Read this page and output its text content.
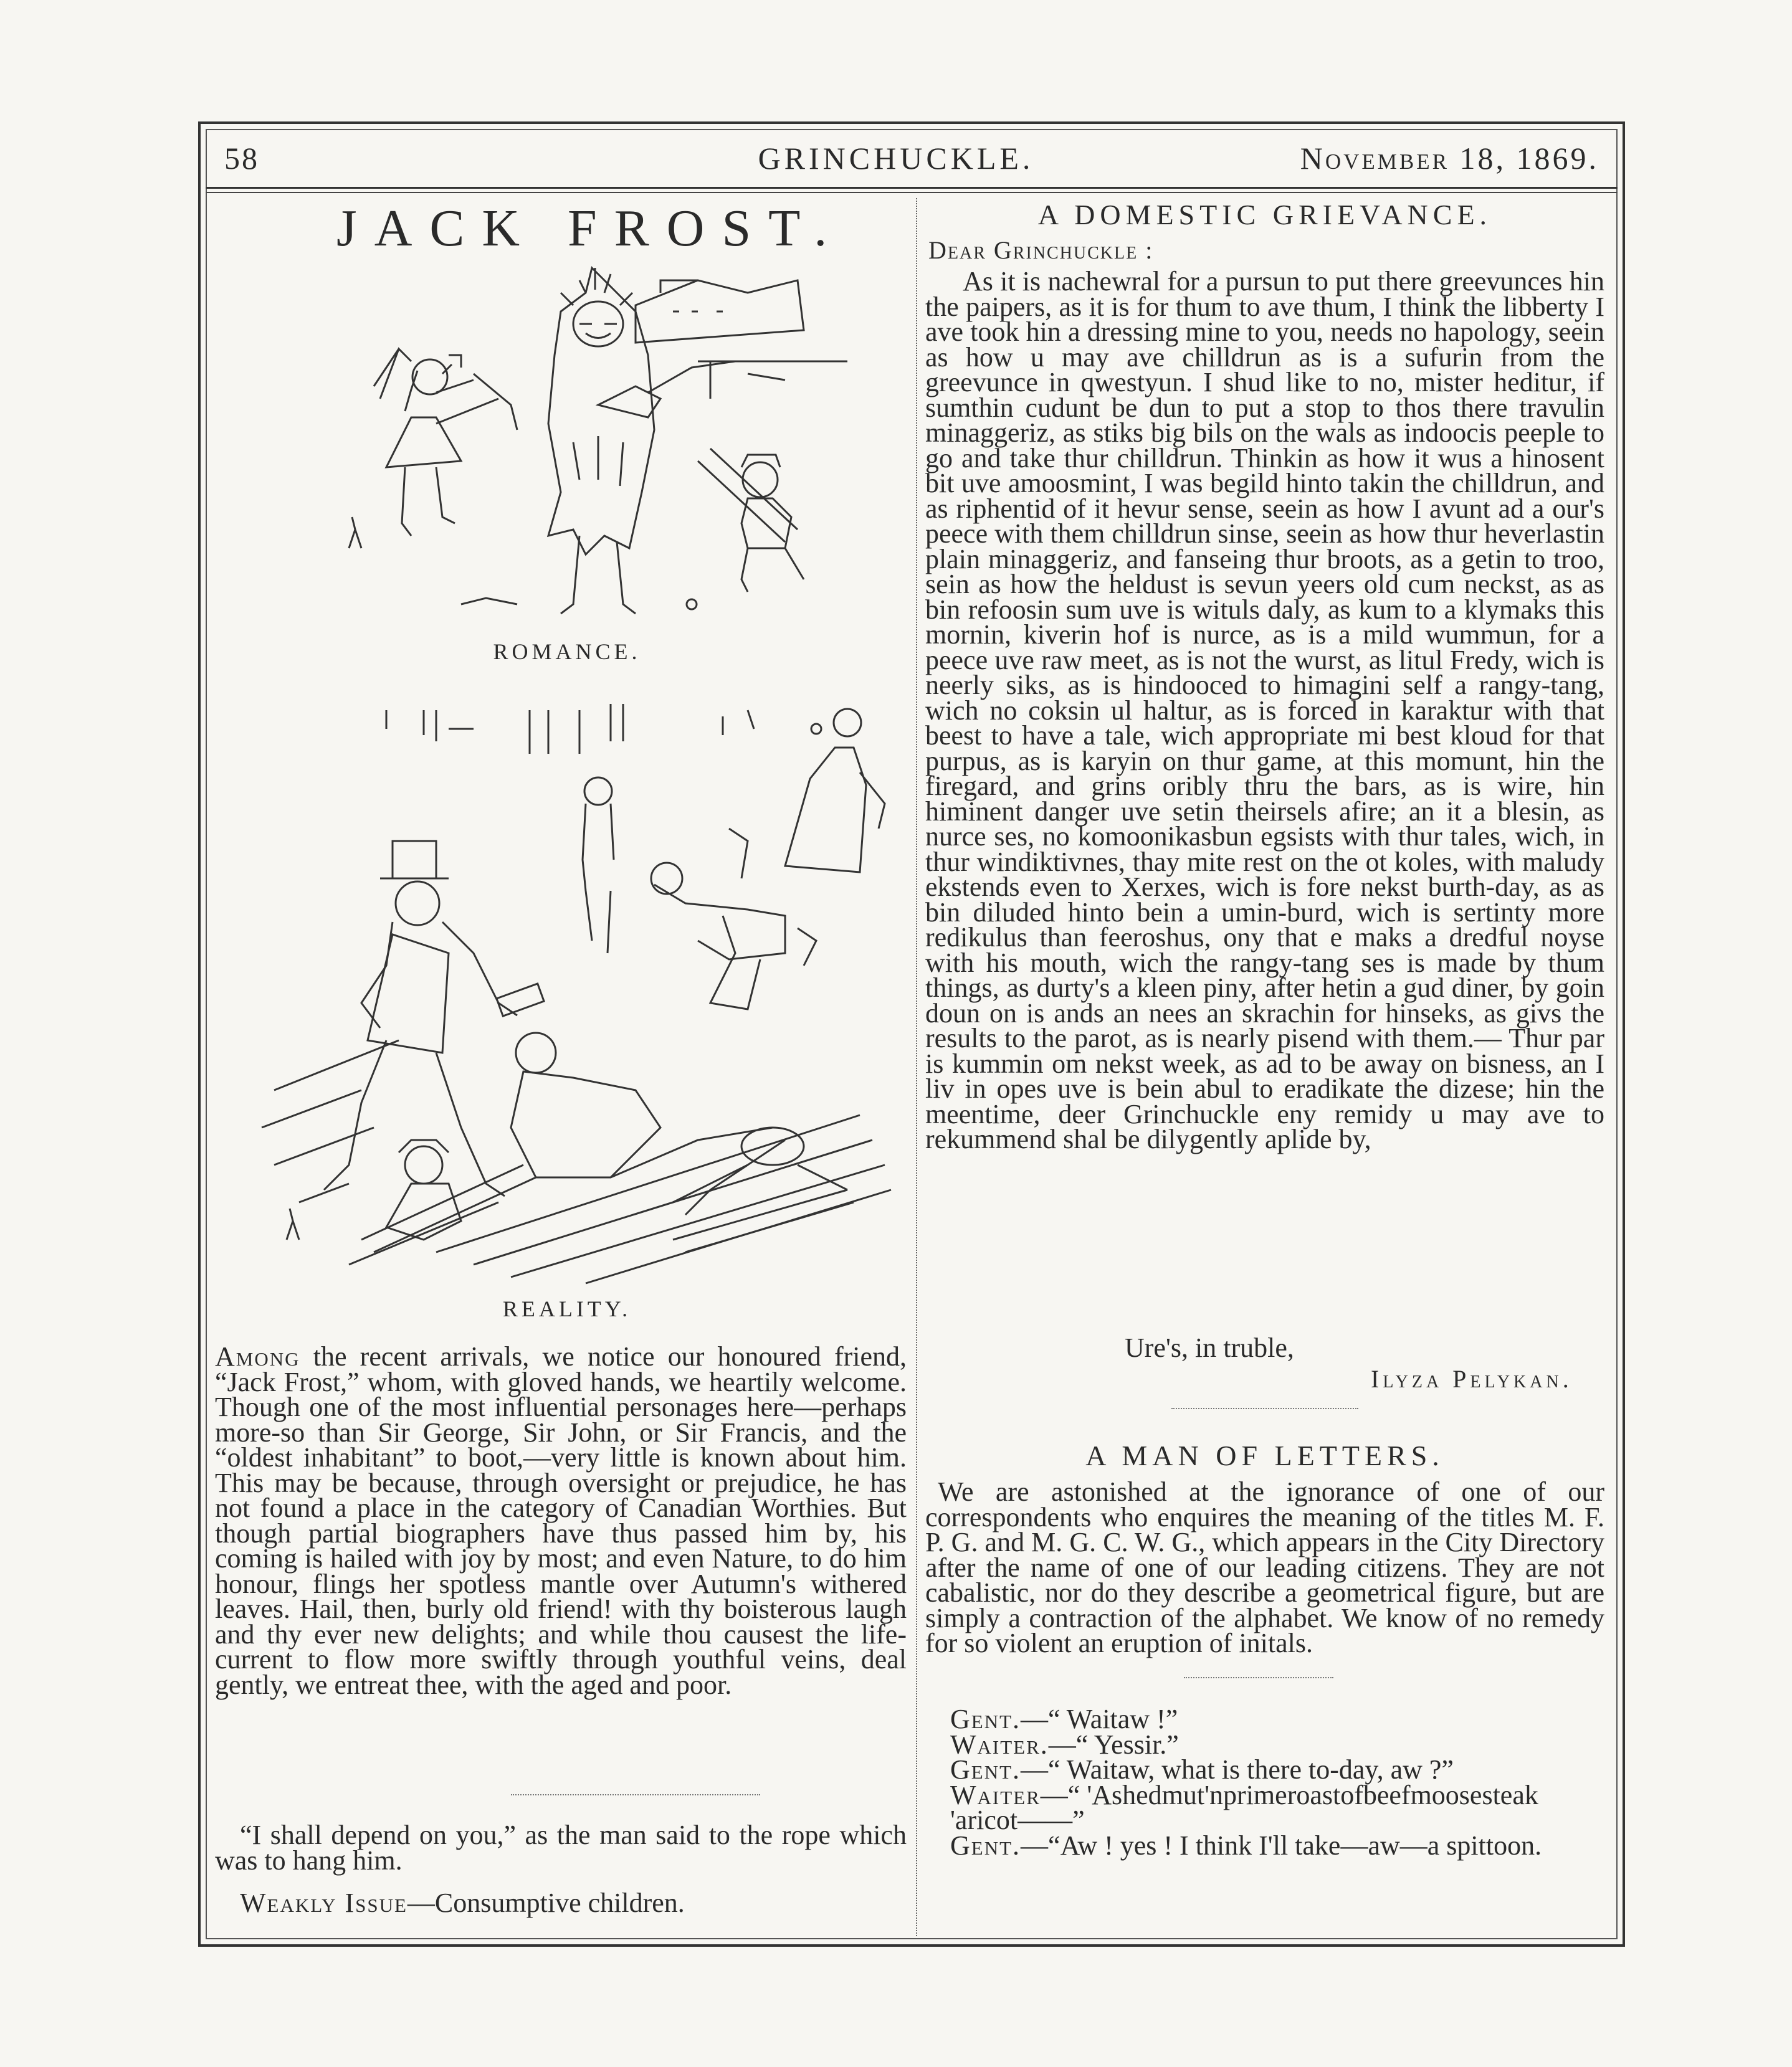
58	GRINCHUCKLE.	November 18, 1869.
JACK FROST.
ROMANCE.
REALITY.
Among the recent arrivals, we notice our honoured friend, “Jack Frost,” whom, with gloved hands, we heartily welcome. Though one of the most influential personages here—perhaps more-so than Sir George, Sir John, or Sir Francis, and the “oldest inhabitant” to boot,—very little is known about him. This may be because, through oversight or prejudice, he has not found a place in the category of Canadian Worthies. But though partial biographers have thus passed him by, his coming is hailed with joy by most; and even Nature, to do him honour, flings her spotless mantle over Autumn's withered leaves. Hail, then, burly old friend! with thy boisterous laugh and thy ever new delights; and while thou causest the life-current to flow more swiftly through youthful veins, deal gently, we entreat thee, with the aged and poor.
“I shall depend on you,” as the man said to the rope which was to hang him.
Weakly Issue—Consumptive children.
A DOMESTIC GRIEVANCE.
Dear Grinchuckle :
As it is nachewral for a pursun to put there greevunces hin the paipers, as it is for thum to ave thum, I think the libberty I ave took hin a dressing mine to you, needs no hapology, seein as how u may ave chilldrun as is a sufurin from the greevunce in qwestyun. I shud like to no, mister heditur, if sumthin cudunt be dun to put a stop to thos there travulin minaggeriz, as stiks big bils on the wals as indoocis peeple to go and take thur chilldrun. Thinkin as how it wus a hinosent bit uve amoosmint, I was begild hinto takin the chilldrun, and as riphentid of it hevur sense, seein as how I avunt ad a our's peece with them chilldrun sinse, seein as how thur heverlastin plain minaggeriz, and fanseing thur broots, as a getin to troo, sein as how the heldust is sevun yeers old cum neckst, as as bin refoosin sum uve is wituls daly, as kum to a klymaks this mornin, kiverin hof is nurce, as is a mild wummun, for a peece uve raw meet, as is not the wurst, as litul Fredy, wich is neerly siks, as is hindooced to himagini self a rangy-tang, wich no coksin ul haltur, as is forced in karaktur with that beest to have a tale, wich appropriate mi best kloud for that purpus, as is karyin on thur game, at this momunt, hin the firegard, and grins oribly thru the bars, as is wire, hin himinent danger uve setin theirsels afire; an it a blesin, as nurce ses, no komoonikasbun egsists with thur tales, wich, in thur windiktivnes, thay mite rest on the ot koles, with maludy ekstends even to Xerxes, wich is fore nekst burth-day, as as bin diluded hinto bein a umin-burd, wich is sertinty more redikulus than feeroshus, ony that e maks a dredful noyse with his mouth, wich the rangy-tang ses is made by thum things, as durty's a kleen piny, after hetin a gud diner, by goin doun on is ands an nees an skrachin for hinseks, as givs the results to the parot, as is nearly pisend with them.— Thur par is kummin om nekst week, as ad to be away on bisness, an I liv in opes uve is bein abul to eradikate the dizese; hin the meentime, deer Grinchuckle eny remidy u may ave to rekummend shal be dilygently aplide by,
Ure's, in truble,
Ilyza Pelykan.
A MAN OF LETTERS.
We are astonished at the ignorance of one of our correspondents who enquires the meaning of the titles M. F. P. G. and M. G. C. W. G., which appears in the City Directory after the name of one of our leading citizens. They are not cabalistic, nor do they describe a geometrical figure, but are simply a contraction of the alphabet. We know of no remedy for so violent an eruption of initals.
Gent.—“ Waitaw !”
Waiter.—“ Yessir.”
Gent.—“ Waitaw, what is there to-day, aw ?”
Waiter—“ 'Ashedmut'nprimeroastofbeefmoosesteak 'aricot——”
Gent.—“Aw ! yes ! I think I'll take—aw—a spittoon.
